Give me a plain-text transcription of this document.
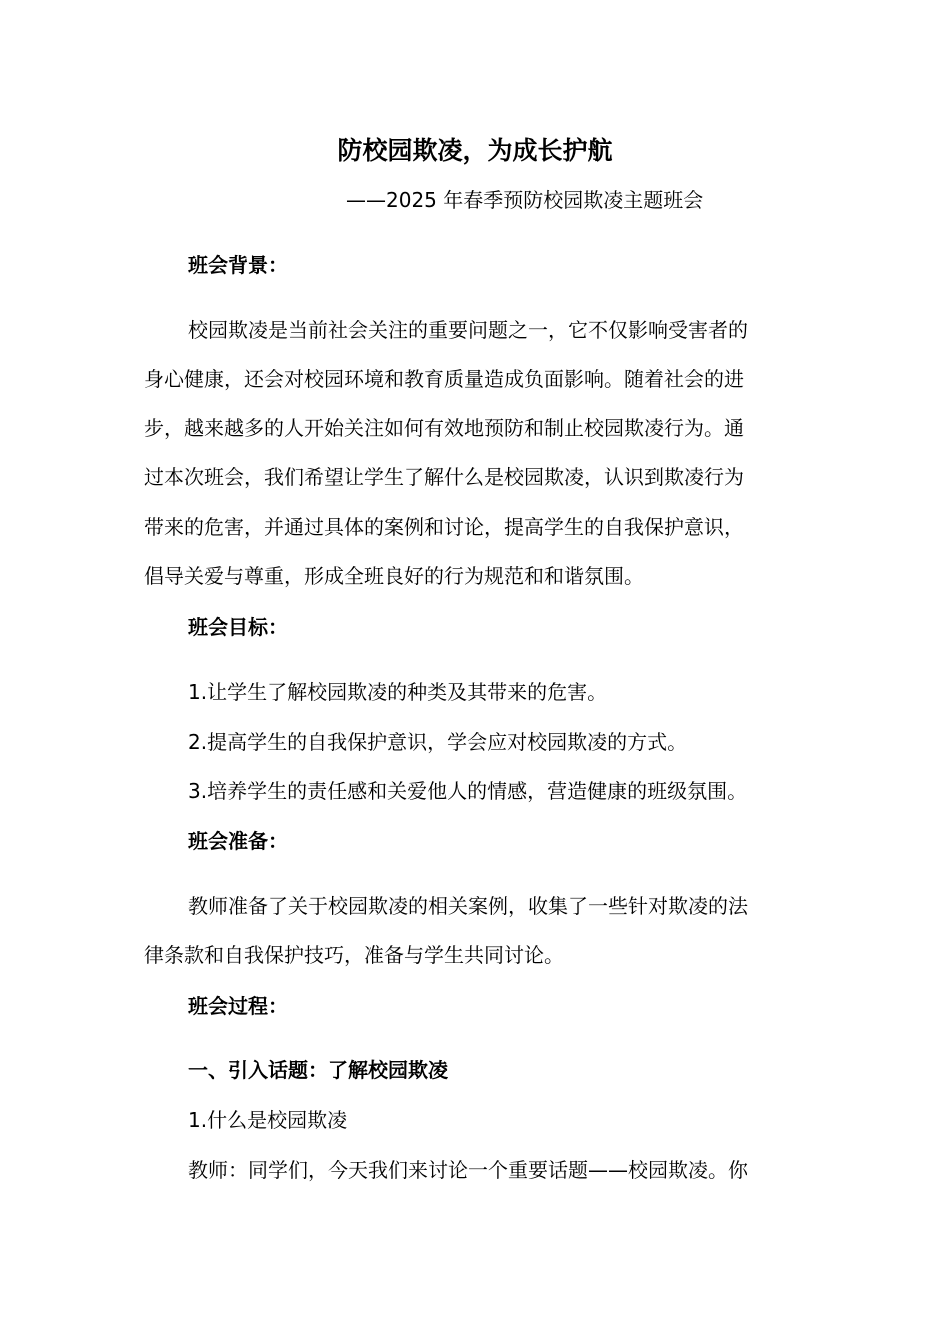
防校园欺凌，为成长护航

——2025 年春季预防校园欺凌主题班会

班会背景：

校园欺凌是当前社会关注的重要问题之一，它不仅影响受害者的

身心健康，还会对校园环境和教育质量造成负面影响。随着社会的进

步，越来越多的人开始关注如何有效地预防和制止校园欺凌行为。通

过本次班会，我们希望让学生了解什么是校园欺凌，认识到欺凌行为

带来的危害，并通过具体的案例和讨论，提高学生的自我保护意识，

倡导关爱与尊重，形成全班良好的行为规范和和谐氛围。

班会目标：

1.让学生了解校园欺凌的种类及其带来的危害。

2.提高学生的自我保护意识，学会应对校园欺凌的方式。

3.培养学生的责任感和关爱他人的情感，营造健康的班级氛围。

班会准备：

教师准备了关于校园欺凌的相关案例，收集了一些针对欺凌的法

律条款和自我保护技巧，准备与学生共同讨论。

班会过程：

一、引入话题：了解校园欺凌

1.什么是校园欺凌

教师：同学们，今天我们来讨论一个重要话题——校园欺凌。你
